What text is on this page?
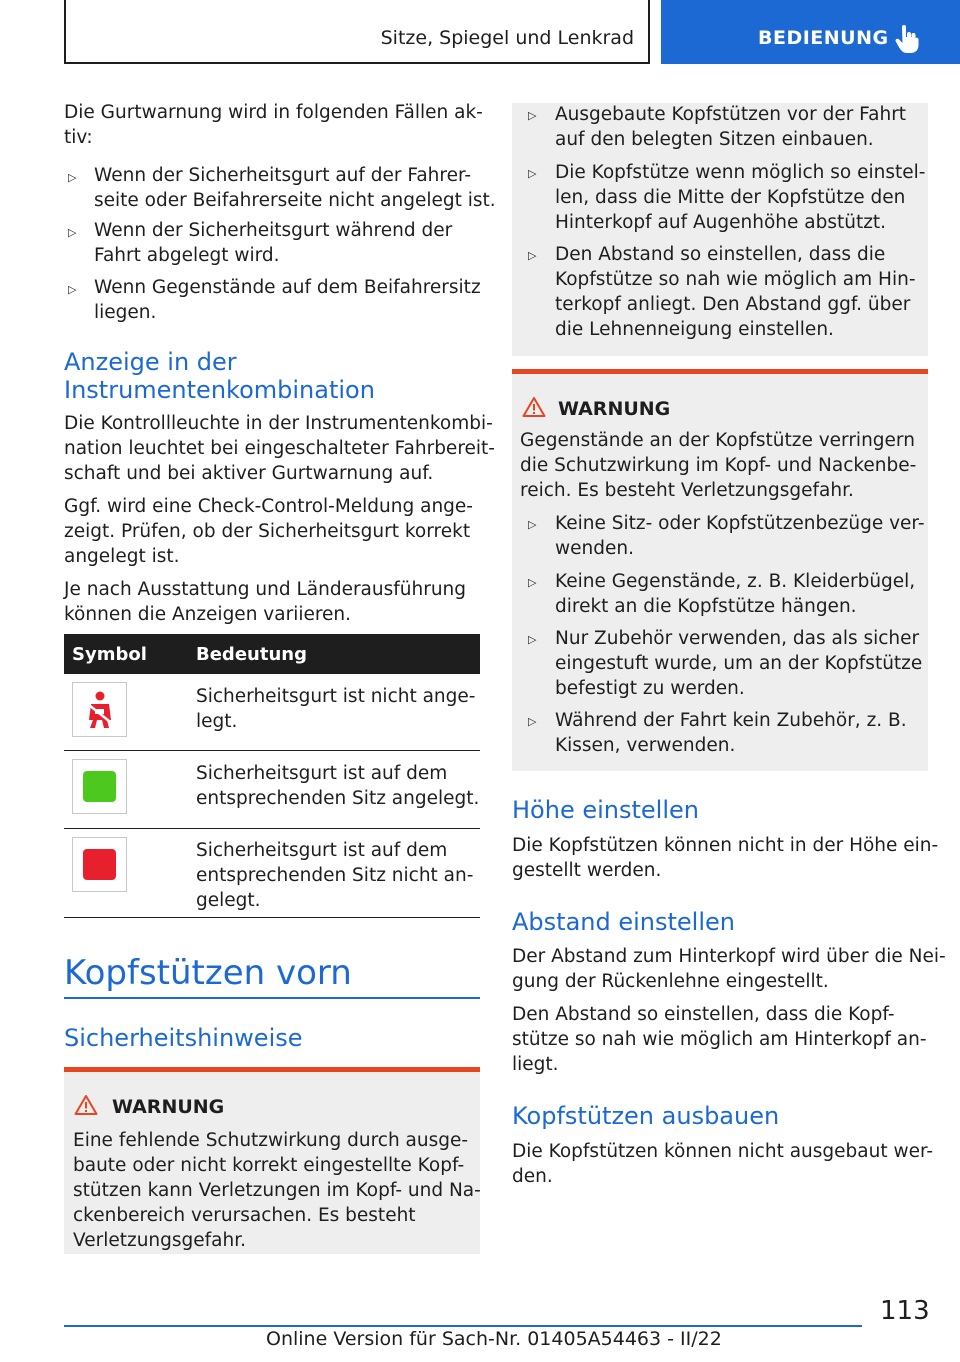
Sitze, Spiegel und Lenkrad	BEDIENUNG
Die Gurtwarnung wird in folgenden Fällen ak-
tiv:
▷ Wenn der Sicherheitsgurt auf der Fahrer-
seite oder Beifahrerseite nicht angelegt ist.
▷ Wenn der Sicherheitsgurt während der
Fahrt abgelegt wird.
▷ Wenn Gegenstände auf dem Beifahrersitz
liegen.
Anzeige in der
Instrumentenkombination
Die Kontrollleuchte in der Instrumentenkombi-
nation leuchtet bei eingeschalteter Fahrbereit-
schaft und bei aktiver Gurtwarnung auf.
Ggf. wird eine Check-Control-Meldung ange-
zeigt. Prüfen, ob der Sicherheitsgurt korrekt
angelegt ist.
Je nach Ausstattung und Länderausführung
können die Anzeigen variieren.
Symbol	Bedeutung
Sicherheitsgurt ist nicht ange-
legt.
Sicherheitsgurt ist auf dem
entsprechenden Sitz angelegt.
Sicherheitsgurt ist auf dem
entsprechenden Sitz nicht an-
gelegt.
Kopfstützen vorn
Sicherheitshinweise
WARNUNG
Eine fehlende Schutzwirkung durch ausge-
baute oder nicht korrekt eingestellte Kopf-
stützen kann Verletzungen im Kopf- und Na-
ckenbereich verursachen. Es besteht
Verletzungsgefahr.
▷ Ausgebaute Kopfstützen vor der Fahrt
auf den belegten Sitzen einbauen.
▷ Die Kopfstütze wenn möglich so einstel-
len, dass die Mitte der Kopfstütze den
Hinterkopf auf Augenhöhe abstützt.
▷ Den Abstand so einstellen, dass die
Kopfstütze so nah wie möglich am Hin-
terkopf anliegt. Den Abstand ggf. über
die Lehnenneigung einstellen.
WARNUNG
Gegenstände an der Kopfstütze verringern
die Schutzwirkung im Kopf- und Nackenbe-
reich. Es besteht Verletzungsgefahr.
▷ Keine Sitz- oder Kopfstützenbezüge ver-
wenden.
▷ Keine Gegenstände, z. B. Kleiderbügel,
direkt an die Kopfstütze hängen.
▷ Nur Zubehör verwenden, das als sicher
eingestuft wurde, um an der Kopfstütze
befestigt zu werden.
▷ Während der Fahrt kein Zubehör, z. B.
Kissen, verwenden.
Höhe einstellen
Die Kopfstützen können nicht in der Höhe ein-
gestellt werden.
Abstand einstellen
Der Abstand zum Hinterkopf wird über die Nei-
gung der Rückenlehne eingestellt.
Den Abstand so einstellen, dass die Kopf-
stütze so nah wie möglich am Hinterkopf an-
liegt.
Kopfstützen ausbauen
Die Kopfstützen können nicht ausgebaut wer-
den.
113
Online Version für Sach-Nr. 01405A54463 - II/22
